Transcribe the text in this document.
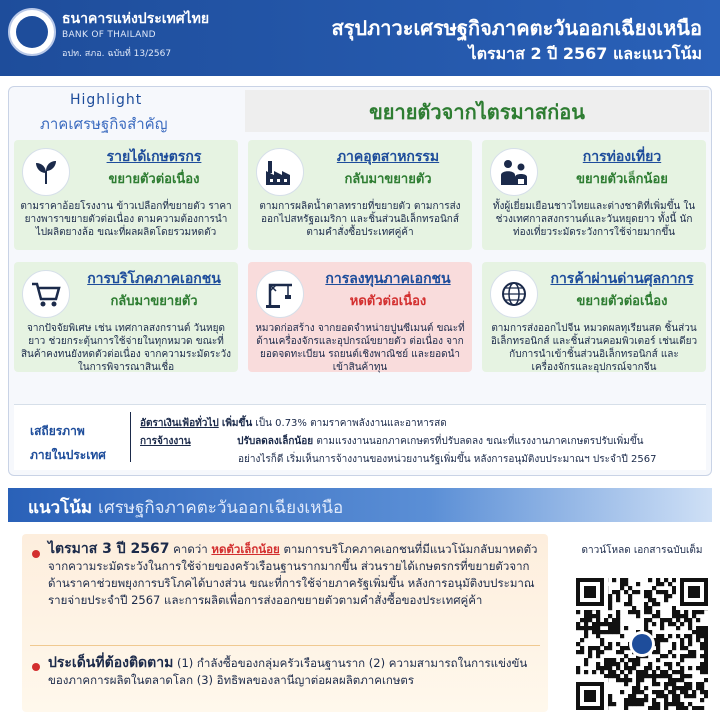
ธนาคารแห่งประเทศไทย
BANK OF THAILAND
อปท. สภอ. ฉบับที่ 13/2567
สรุปภาวะเศรษฐกิจภาคตะวันออกเฉียงเหนือ
ไตรมาส 2 ปี 2567 และแนวโน้ม
Highlight
ภาคเศรษฐกิจสำคัญ	ขยายตัวจากไตรมาสก่อน
รายได้เกษตรกร
ขยายตัวต่อเนื่อง
ตามราคาอ้อยโรงงาน ข้าวเปลือกที่ขยายตัว ราคายางพาราขยายตัวต่อเนื่อง ตามความต้องการนำไปผลิตยางล้อ ขณะที่ผลผลิตโดยรวมหดตัว
ภาคอุตสาหกรรม
กลับมาขยายตัว
ตามการผลิตน้ำตาลทรายที่ขยายตัว ตามการส่งออกไปสหรัฐอเมริกา และชิ้นส่วนอิเล็กทรอนิกส์ ตามคำสั่งซื้อประเทศคู่ค้า
การท่องเที่ยว
ขยายตัวเล็กน้อย
ทั้งผู้เยี่ยมเยือนชาวไทยและต่างชาติที่เพิ่มขึ้น ในช่วงเทศกาลสงกรานต์และวันหยุดยาว ทั้งนี้ นักท่องเที่ยวระมัดระวังการใช้จ่ายมากขึ้น
การบริโภคภาคเอกชน
กลับมาขยายตัว
จากปัจจัยพิเศษ เช่น เทศกาลสงกรานต์ วันหยุดยาว ช่วยกระตุ้นการใช้จ่ายในทุกหมวด ขณะที่สินค้าคงทนยังหดตัวต่อเนื่อง จากความระมัดระวังในการพิจารณาสินเชื่อ
การลงทุนภาคเอกชน
หดตัวต่อเนื่อง
หมวดก่อสร้าง จากยอดจำหน่ายปูนซีเมนต์ ขณะที่ด้านเครื่องจักรและอุปกรณ์ขยายตัว ต่อเนื่อง จากยอดจดทะเบียน รถยนต์เชิงพาณิชย์ และยอดนำเข้าสินค้าทุน
การค้าผ่านด่านศุลกากร
ขยายตัวต่อเนื่อง
ตามการส่งออกไปจีน หมวดผลทุเรียนสด ชิ้นส่วนอิเล็กทรอนิกส์ และชิ้นส่วนคอมพิวเตอร์ เช่นเดียวกับการนำเข้าชิ้นส่วนอิเล็กทรอนิกส์ และเครื่องจักรและอุปกรณ์จากจีน
เสถียรภาพ
ภายในประเทศ
อัตราเงินเฟ้อทั่วไป เพิ่มขึ้น เป็น 0.73% ตามราคาพลังงานและอาหารสด
การจ้างงาน	ปรับลดลงเล็กน้อย ตามแรงงานนอกภาคเกษตรที่ปรับลดลง ขณะที่แรงงานภาคเกษตรปรับเพิ่มขึ้น
อย่างไรก็ดี เริ่มเห็นการจ้างงานของหน่วยงานรัฐเพิ่มขึ้น หลังการอนุมัติงบประมาณฯ ประจำปี 2567
แนวโน้ม เศรษฐกิจภาคตะวันออกเฉียงเหนือ
ไตรมาส 3 ปี 2567 คาดว่า หดตัวเล็กน้อย ตามการบริโภคภาคเอกชนที่มีแนวโน้มกลับมาหดตัวจากความระมัดระวังในการใช้จ่ายของครัวเรือนฐานรากมากขึ้น ส่วนรายได้เกษตรกรที่ขยายตัวจากด้านราคาช่วยพยุงการบริโภคได้บางส่วน ขณะที่การใช้จ่ายภาครัฐเพิ่มขึ้น หลังการอนุมัติงบประมาณรายจ่ายประจำปี 2567 และการผลิตเพื่อการส่งออกขยายตัวตามคำสั่งซื้อของประเทศคู่ค้า
ประเด็นที่ต้องติดตาม (1) กำลังซื้อของกลุ่มครัวเรือนฐานราก (2) ความสามารถในการแข่งขันของภาคการผลิตในตลาดโลก (3) อิทธิพลของลานีญาต่อผลผลิตภาคเกษตร
ดาวน์โหลด เอกสารฉบับเต็ม
